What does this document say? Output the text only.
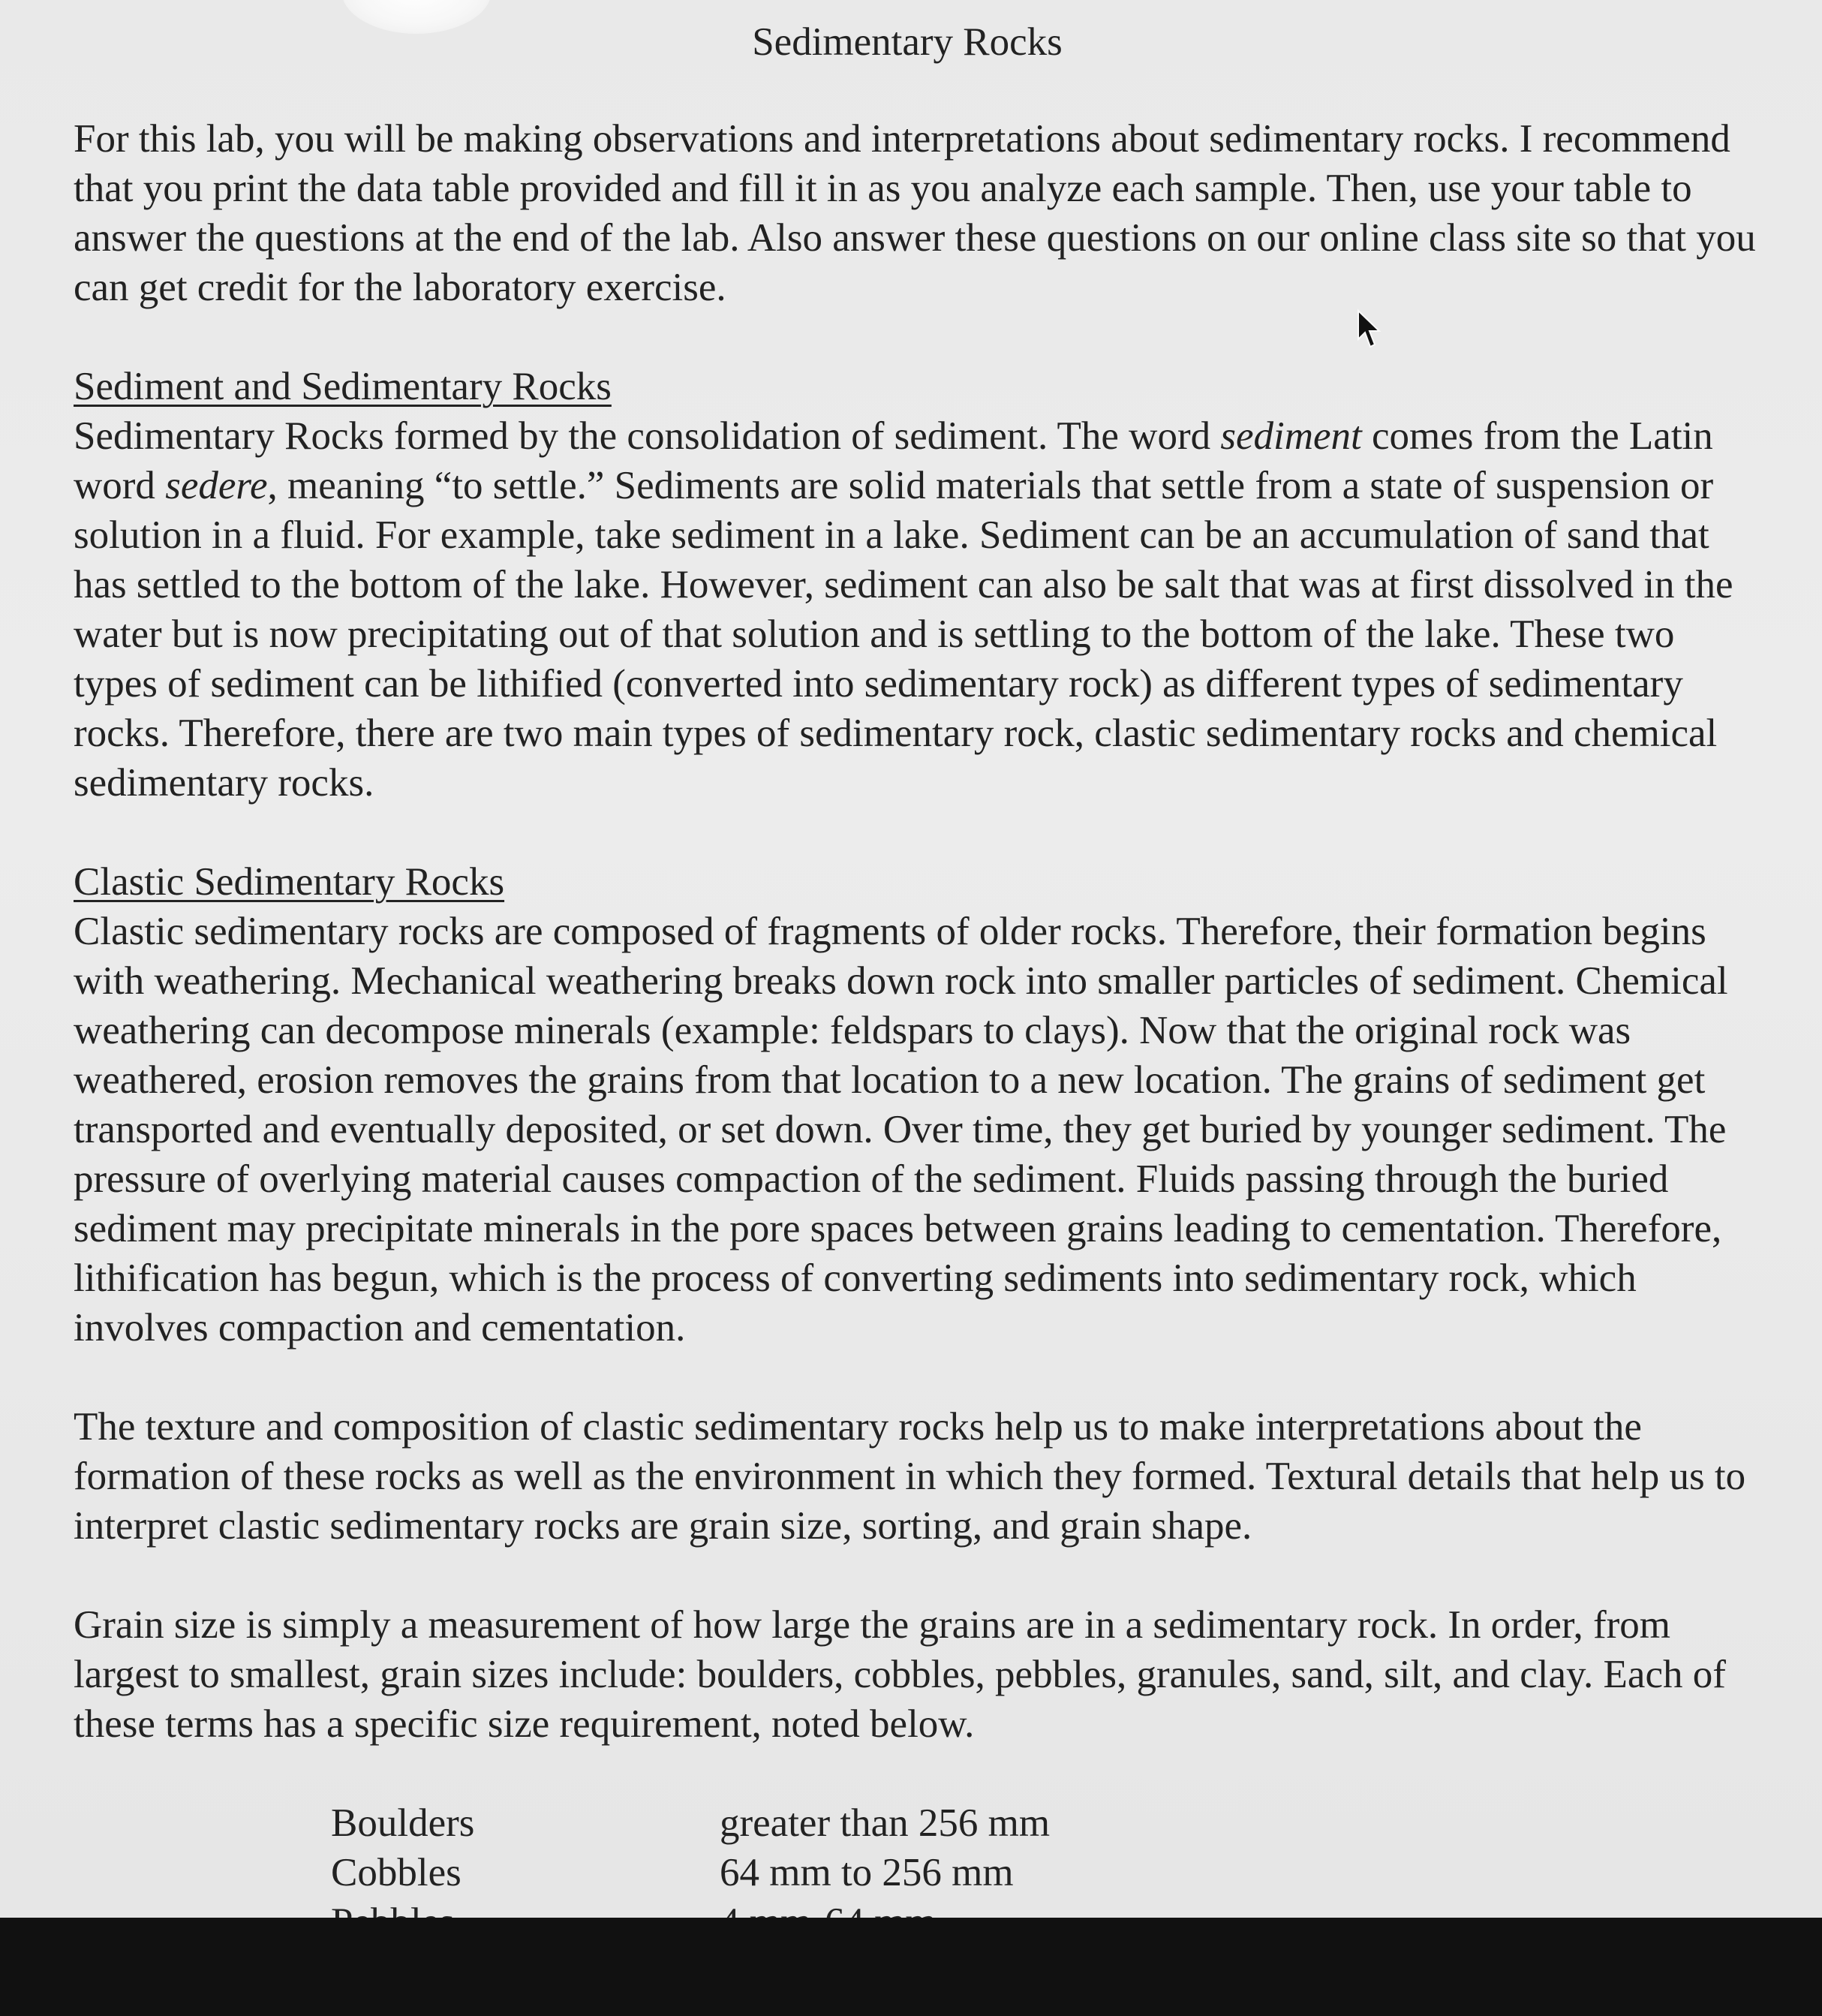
Sedimentary Rocks

For this lab, you will be making observations and interpretations about sedimentary rocks. I recommend that you print the data table provided and fill it in as you analyze each sample. Then, use your table to answer the questions at the end of the lab. Also answer these questions on our online class site so that you can get credit for the laboratory exercise.

Sediment and Sedimentary Rocks
Sedimentary Rocks formed by the consolidation of sediment. The word sediment comes from the Latin word sedere, meaning “to settle.” Sediments are solid materials that settle from a state of suspension or solution in a fluid. For example, take sediment in a lake. Sediment can be an accumulation of sand that has settled to the bottom of the lake. However, sediment can also be salt that was at first dissolved in the water but is now precipitating out of that solution and is settling to the bottom of the lake. These two types of sediment can be lithified (converted into sedimentary rock) as different types of sedimentary rocks. Therefore, there are two main types of sedimentary rock, clastic sedimentary rocks and chemical sedimentary rocks.
Clastic Sedimentary Rocks
Clastic sedimentary rocks are composed of fragments of older rocks. Therefore, their formation begins with weathering. Mechanical weathering breaks down rock into smaller particles of sediment. Chemical weathering can decompose minerals (example: feldspars to clays). Now that the original rock was weathered, erosion removes the grains from that location to a new location. The grains of sediment get transported and eventually deposited, or set down. Over time, they get buried by younger sediment. The pressure of overlying material causes compaction of the sediment. Fluids passing through the buried sediment may precipitate minerals in the pore spaces between grains leading to cementation. Therefore, lithification has begun, which is the process of converting sediments into sedimentary rock, which involves compaction and cementation.

The texture and composition of clastic sedimentary rocks help us to make interpretations about the formation of these rocks as well as the environment in which they formed. Textural details that help us to interpret clastic sedimentary rocks are grain size, sorting, and grain shape.

Grain size is simply a measurement of how large the grains are in a sedimentary rock. In order, from largest to smallest, grain sizes include: boulders, cobbles, pebbles, granules, sand, silt, and clay. Each of these terms has a specific size requirement, noted below.

Boulders	greater than 256 mm
Cobbles	64 mm to 256 mm
